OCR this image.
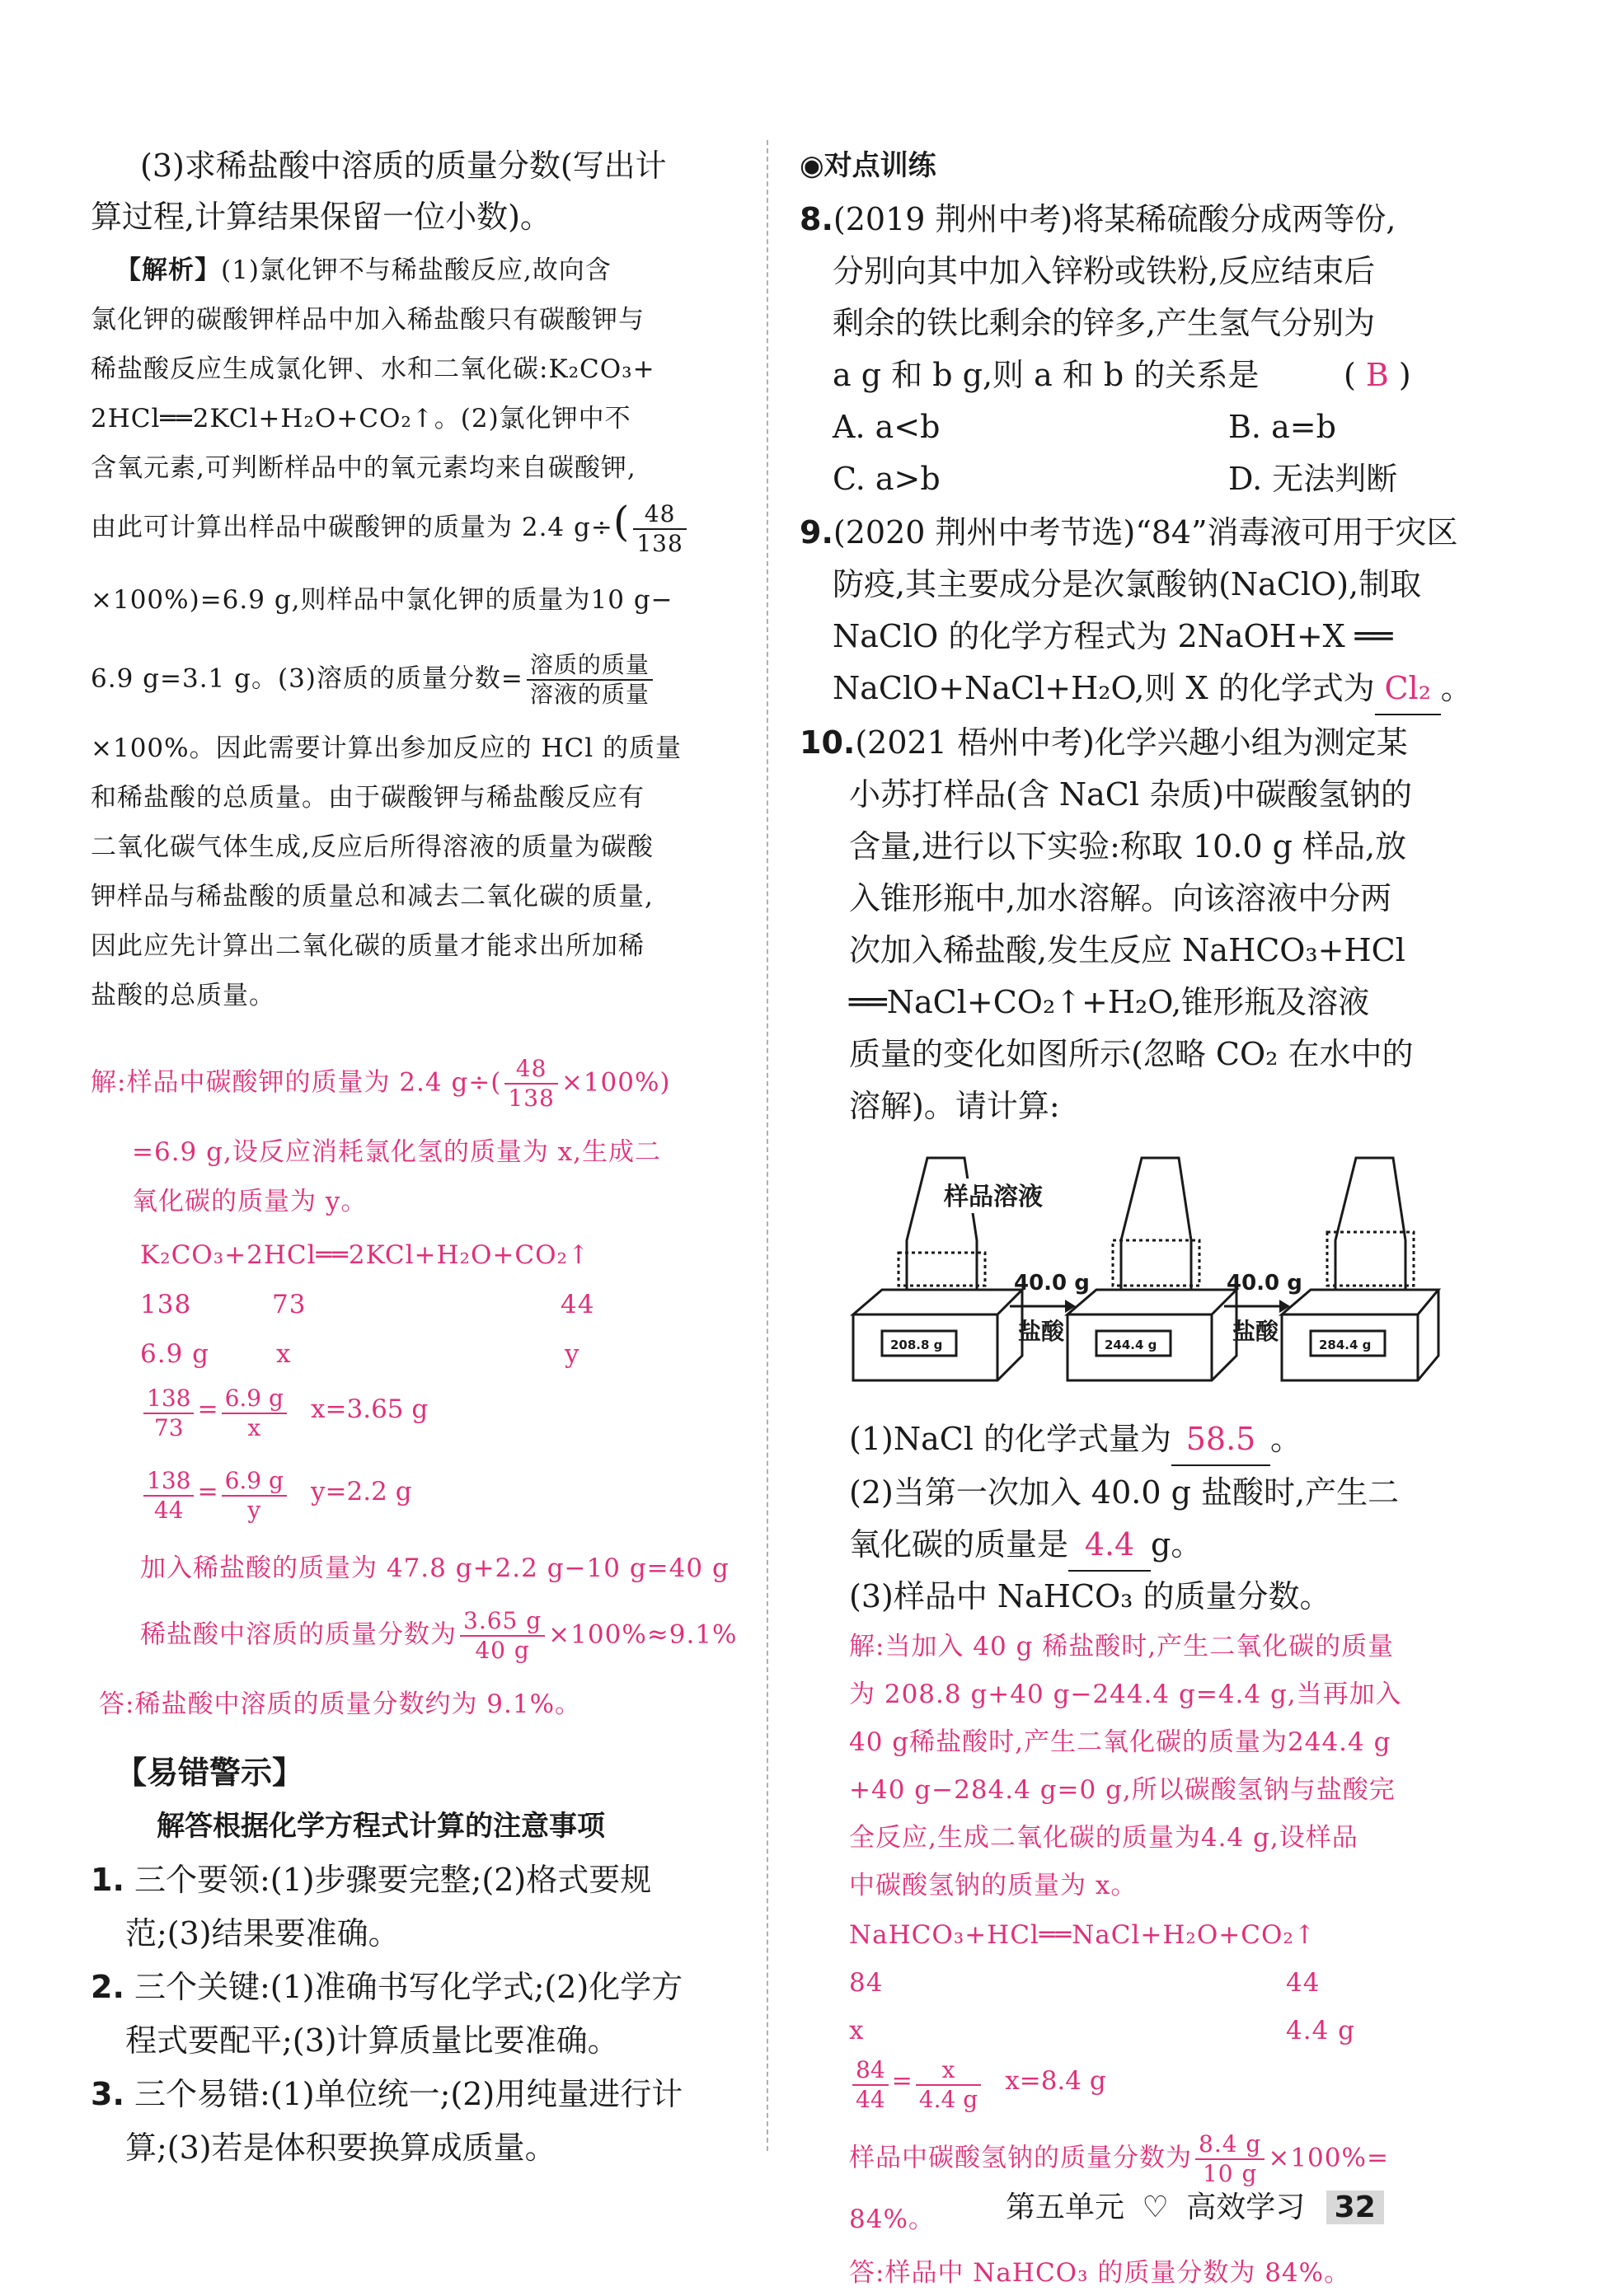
(3)求稀盐酸中溶质的质量分数(写出计
算过程,计算结果保留一位小数)。
【解析】(1)氯化钾不与稀盐酸反应,故向含
氯化钾的碳酸钾样品中加入稀盐酸只有碳酸钾与
稀盐酸反应生成氯化钾、水和二氧化碳:K₂CO₃+
2HCl══2KCl+H₂O+CO₂↑。(2)氯化钾中不
含氧元素,可判断样品中的氧元素均来自碳酸钾,
由此可计算出样品中碳酸钾的质量为 2.4 $g\div( \frac{48}{138}$
×100%)=6.9 g,则样品中氯化钾的质量为10 g−
6.9 g=3.1 g。(3)溶质的质量分数= $\frac{\text{溶质的质量}}{\text{溶液的质量}}$
×100%。因此需要计算出参加反应的 HCl 的质量
和稀盐酸的总质量。由于碳酸钾与稀盐酸反应有
二氧化碳气体生成,反应后所得溶液的质量为碳酸
钾样品与稀盐酸的质量总和减去二氧化碳的质量,
因此应先计算出二氧化碳的质量才能求出所加稀
盐酸的总质量。
解:样品中碳酸钾的质量为 2.4 $g\div( \frac{48}{138} \times 100\%)$
=6.9 g,设反应消耗氯化氢的质量为 x,生成二
氧化碳的质量为 y。
K₂CO₃+2HCl══2KCl+H₂O+CO₂↑
138	73	44
6.9 g	x	y
$\frac{138}{73} = \frac{6.9 g}{x} x=3.65$ g
$\frac{138}{44} = \frac{6.9 g}{y} y=2.2$ g
加入稀盐酸的质量为 47.8 g+2.2 g−10 g=40 g
稀盐酸中溶质的质量分数为 $\frac{3.65 g}{40 g} \times 100\%\approx 9.1\%$
答:稀盐酸中溶质的质量分数约为 9.1%。
【易错警示】
解答根据化学方程式计算的注意事项
1. 三个要领:(1)步骤要完整;(2)格式要规
范;(3)结果要准确。
2. 三个关键:(1)准确书写化学式;(2)化学方
程式要配平;(3)计算质量比要准确。
3. 三个易错:(1)单位统一;(2)用纯量进行计
算;(3)若是体积要换算成质量。
◉对点训练
8.(2019 荆州中考)将某稀硫酸分成两等份,
分别向其中加入锌粉或铁粉,反应结束后
剩余的铁比剩余的锌多,产生氢气分别为
a g 和 b g,则 a 和 b 的关系是	( B )
A. a<b	B. a=b
C. a>b	D. 无法判断
9.(2020 荆州中考节选)“84”消毒液可用于灾区
防疫,其主要成分是次氯酸钠(NaClO),制取
NaClO 的化学方程式为 2NaOH+X ══
NaClO+NaCl+H₂O,则 X 的化学式为 Cl₂ 。
10.(2021 梧州中考)化学兴趣小组为测定某
小苏打样品(含 NaCl 杂质)中碳酸氢钠的
含量,进行以下实验:称取 10.0 g 样品,放
入锥形瓶中,加水溶解。向该溶液中分两
次加入稀盐酸,发生反应 NaHCO₃+HCl
══NaCl+CO₂↑+H₂O,锥形瓶及溶液
质量的变化如图所示(忽略 CO₂ 在水中的
溶解)。请计算:
样品溶液
40.0 g
盐酸
40.0 g
盐酸
208.8 g	244.4 g	284.4 g
(1)NaCl 的化学式量为 58.5 。
(2)当第一次加入 40.0 g 盐酸时,产生二
氧化碳的质量是 4.4 g。
(3)样品中 NaHCO₃ 的质量分数。
解:当加入 40 g 稀盐酸时,产生二氧化碳的质量
为 208.8 g+40 g−244.4 g=4.4 g,当再加入
40 g稀盐酸时,产生二氧化碳的质量为244.4 g
+40 g−284.4 g=0 g,所以碳酸氢钠与盐酸完
全反应,生成二氧化碳的质量为4.4 g,设样品
中碳酸氢钠的质量为 x。
NaHCO₃+HCl══NaCl+H₂O+CO₂↑
84	44
x	4.4 g
$\frac{84}{44} = \frac{x}{4.4 g} x=8.4$ g
样品中碳酸氢钠的质量分数为 $\frac{8.4 g}{10 g} \times 100\%=$
84%。
答:样品中 NaHCO₃ 的质量分数为 84%。
第五单元 ♡ 高效学习 32
